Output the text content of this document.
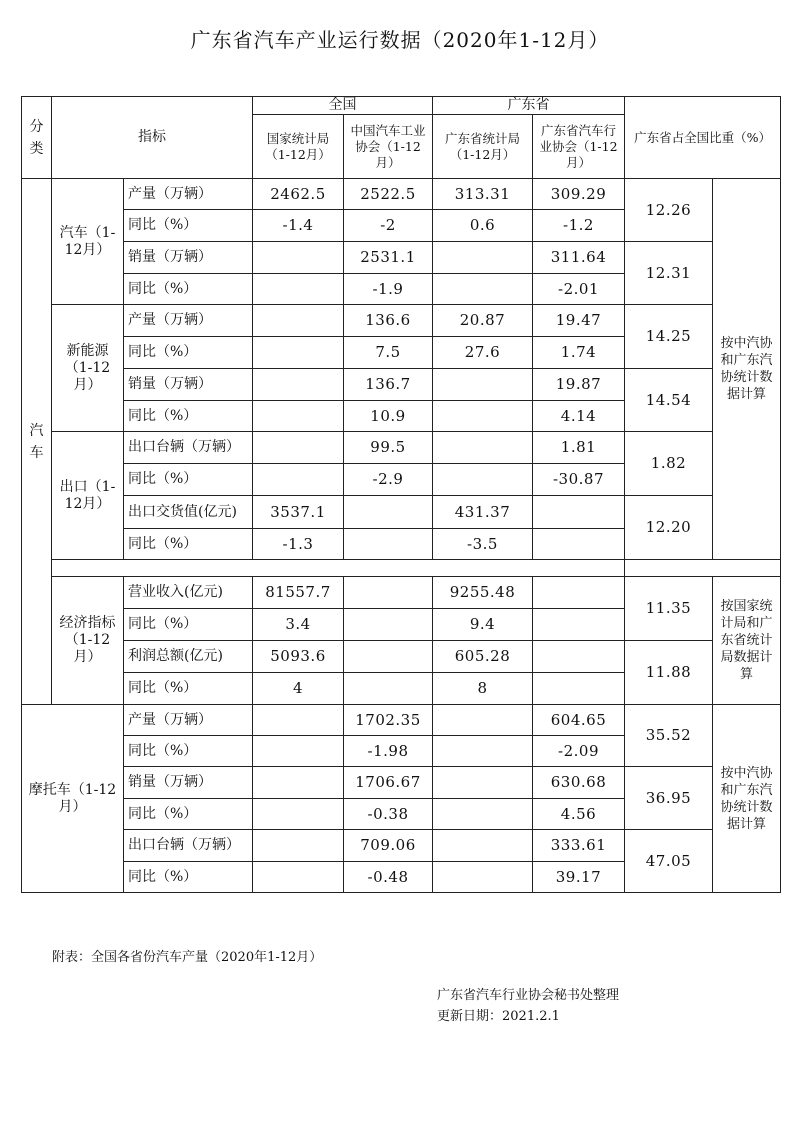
广东省汽车产业运行数据（2020年1-12月）
分类	指标		全国		广东省		广东省占全国比重（%）	
			国家统计局（1-12月）	中国汽车工业协会（1-12月）	广东省统计局（1-12月）	广东省汽车行业协会（1-12月）		

汽车	汽车（1-12月）	产量（万辆）	2462.5	2522.5	313.31	309.29	12.26	按中汽协和广东汽协统计数据计算
		同比（%）	-1.4	-2	0.6	-1.2		
		销量（万辆）		2531.1		311.64	12.31	
		同比（%）		-1.9		-2.01		
	新能源（1-12月）	产量（万辆）		136.6	20.87	19.47	14.25	
		同比（%）		7.5	27.6	1.74		
		销量（万辆）		136.7		19.87	14.54	
		同比（%）		10.9		4.14		
	出口（1-12月）	出口台辆（万辆）		99.5		1.81	1.82	
		同比（%）		-2.9		-30.87		
		出口交货值(亿元)	3537.1		431.37		12.20	
		同比（%）	-1.3		-3.5			

	经济指标（1-12月）	营业收入(亿元)	81557.7		9255.48		11.35	按国家统计局和广东省统计局数据计算
		同比（%）	3.4		9.4			
		利润总额(亿元)	5093.6		605.28		11.88	
		同比（%）	4		8			
摩托车（1-12月）		产量（万辆）		1702.35		604.65	35.52	按中汽协和广东汽协统计数据计算
		同比（%）		-1.98		-2.09		
		销量（万辆）		1706.67		630.68	36.95	
		同比（%）		-0.38		4.56		
		出口台辆（万辆）		709.06		333.61	47.05	
		同比（%）		-0.48		39.17		
附表：全国各省份汽车产量（2020年1-12月）
广东省汽车行业协会秘书处整理
更新日期：2021.2.1
